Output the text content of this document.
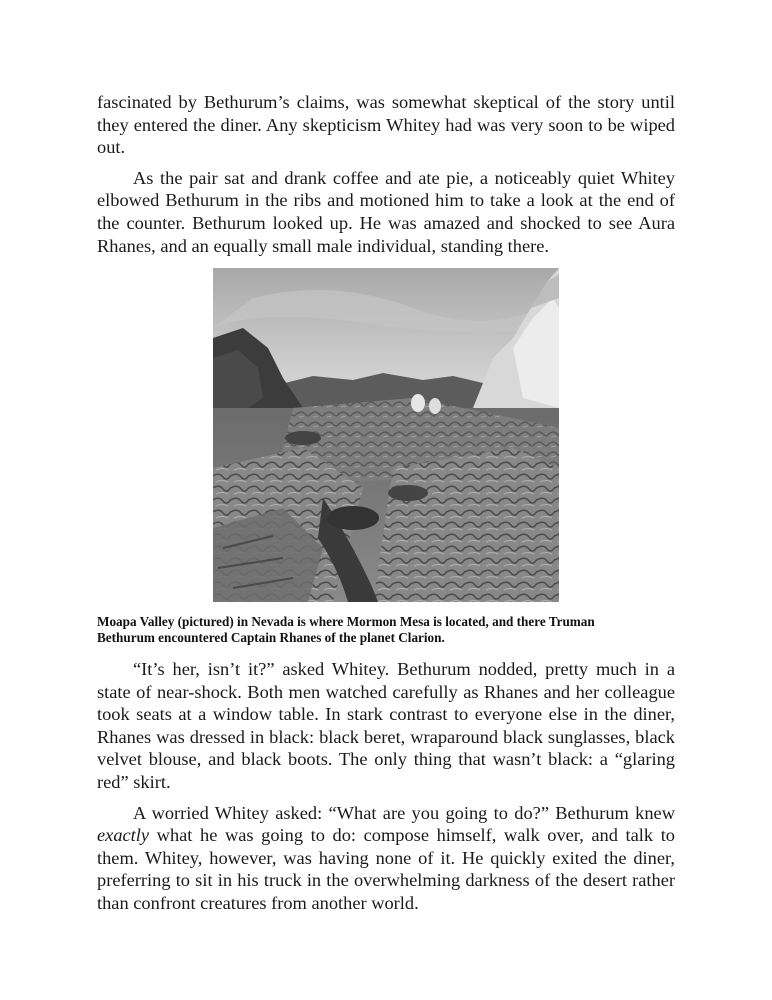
fascinated by Bethurum’s claims, was somewhat skeptical of the story until they entered the diner. Any skepticism Whitey had was very soon to be wiped out.

As the pair sat and drank coffee and ate pie, a noticeably quiet Whitey elbowed Bethurum in the ribs and motioned him to take a look at the end of the counter. Bethurum looked up. He was amazed and shocked to see Aura Rhanes, and an equally small male individual, standing there.

Moapa Valley (pictured) in Nevada is where Mormon Mesa is located, and there Truman
Bethurum encountered Captain Rhanes of the planet Clarion.

“It’s her, isn’t it?” asked Whitey. Bethurum nodded, pretty much in a state of near-shock. Both men watched carefully as Rhanes and her colleague took seats at a window table. In stark contrast to everyone else in the diner, Rhanes was dressed in black: black beret, wraparound black sunglasses, black velvet blouse, and black boots. The only thing that wasn’t black: a “glaring red” skirt.

A worried Whitey asked: “What are you going to do?” Bethurum knew exactly what he was going to do: compose himself, walk over, and talk to them. Whitey, however, was having none of it. He quickly exited the diner, preferring to sit in his truck in the overwhelming darkness of the desert rather than confront creatures from another world.
